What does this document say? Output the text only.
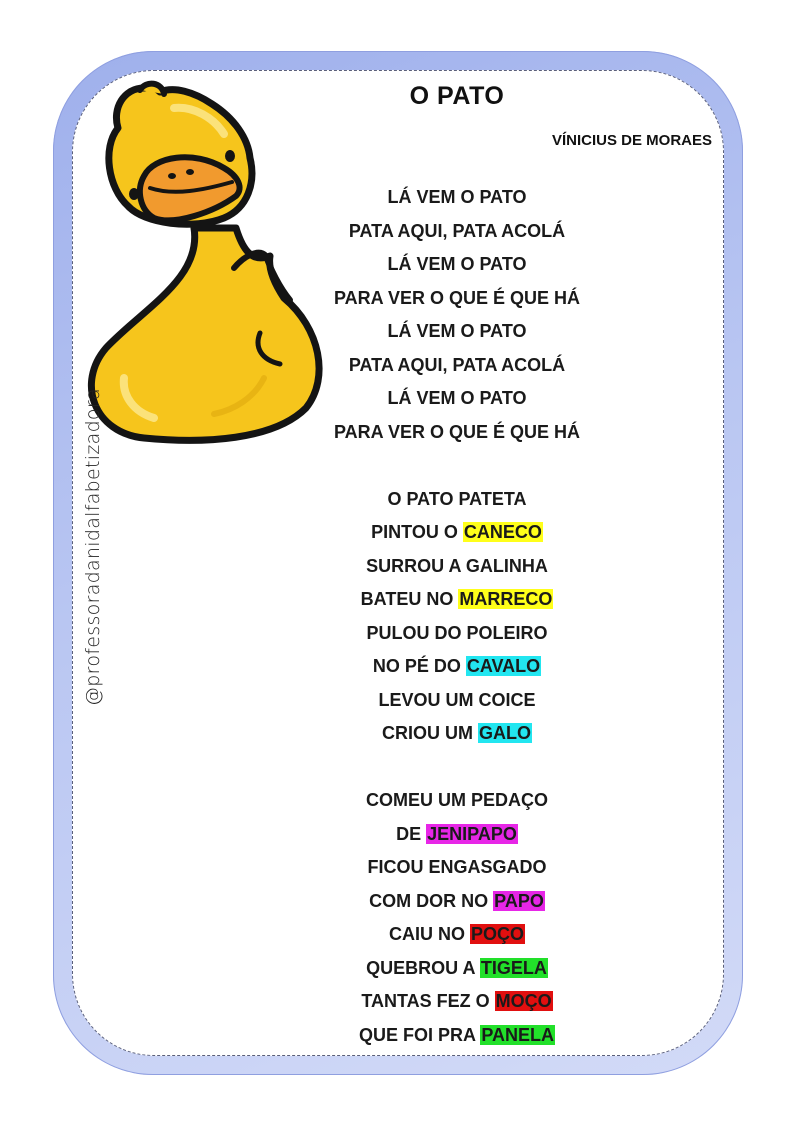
O PATO
VÍNICIUS DE MORAES
@professoradanidalfabetizadora
LÁ VEM O PATO
PATA AQUI, PATA ACOLÁ
LÁ VEM O PATO
PARA VER O QUE É QUE HÁ
LÁ VEM O PATO
PATA AQUI, PATA ACOLÁ
LÁ VEM O PATO
PARA VER O QUE É QUE HÁ
O PATO PATETA
PINTOU O CANECO
SURROU A GALINHA
BATEU NO MARRECO
PULOU DO POLEIRO
NO PÉ DO CAVALO
LEVOU UM COICE
CRIOU UM GALO
COMEU UM PEDAÇO
DE JENIPAPO
FICOU ENGASGADO
COM DOR NO PAPO
CAIU NO POÇO
QUEBROU A TIGELA
TANTAS FEZ O MOÇO
QUE FOI PRA PANELA
